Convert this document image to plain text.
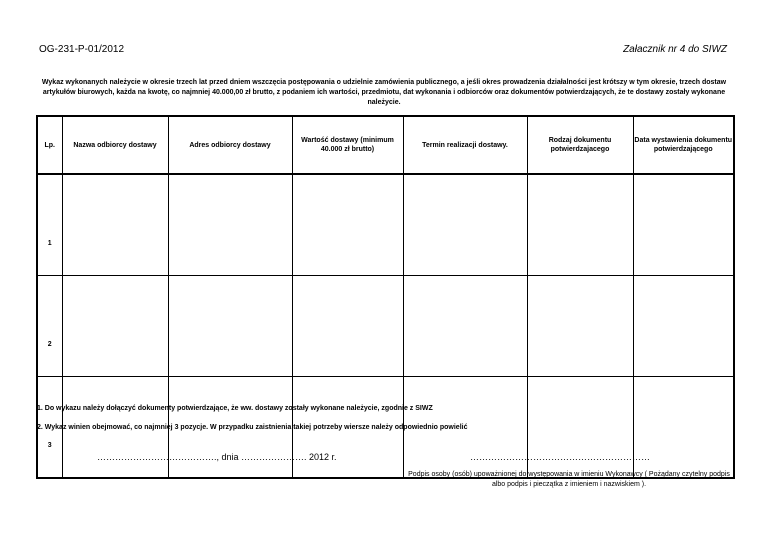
OG-231-P-01/2012	Załacznik nr 4 do SIWZ
Wykaz wykonanych należycie w okresie trzech lat przed dniem wszczęcia postępowania o udzielnie zamówienia publicznego, a jeśli okres prowadzenia działalności jest krótszy w tym okresie, trzech dostaw artykułów biurowych, każda na kwotę, co najmniej 40.000,00 zł brutto, z podaniem ich wartości, przedmiotu, dat wykonania i odbiorców oraz dokumentów potwierdzających, że te dostawy zostały wykonane należycie.
Lp.	Nazwa odbiorcy dostawy	Adres odbiorcy dostawy	Wartość dostawy (minimum 40.000 zł brutto)	Termin realizacji dostawy.	Rodzaj dokumentu potwierdzajacego	Data wystawienia dokumentu potwierdzającego
1						
2						
3						
1. Do wykazu należy dołączyć dokumenty potwierdzające, że ww. dostawy zostały wykonane należycie, zgodnie z SIWZ
2. Wykaz winien obejmować, co najmniej 3 pozycje. W przypadku zaistnienia takiej potrzeby wiersze należy odpowiednio powielić
…………………………………., dnia …………………. 2012 r.	……………………………………………………
Podpis osoby (osób) upoważnionej do występowania w imieniu Wykonawcy ( Pożądany czytelny podpis albo podpis i pieczątka z imieniem i nazwiskiem ).
